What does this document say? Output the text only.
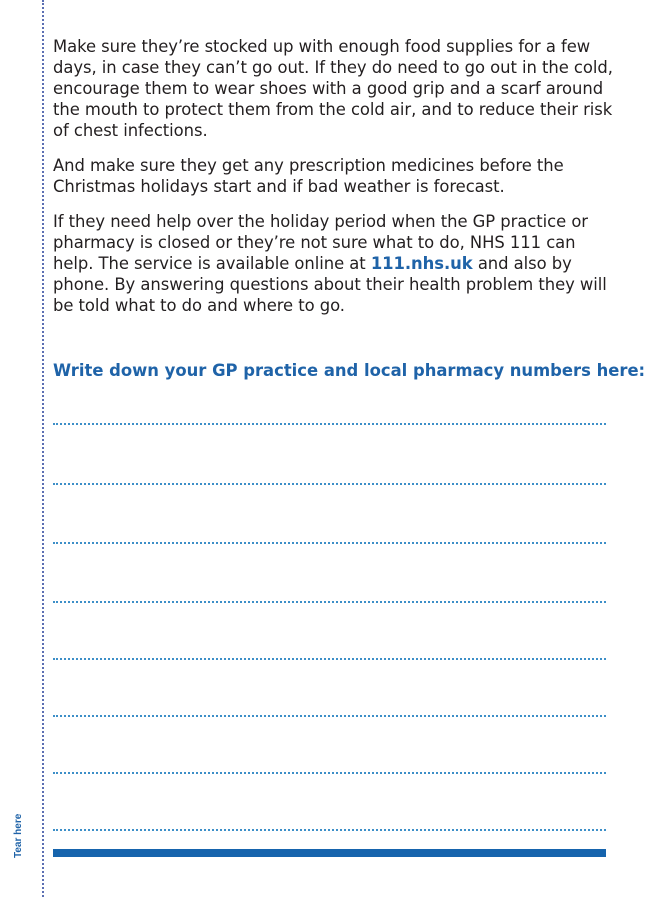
Tear here

Make sure they’re stocked up with enough food supplies for a few days, in case they can’t go out. If they do need to go out in the cold, encourage them to wear shoes with a good grip and a scarf around the mouth to protect them from the cold air, and to reduce their risk of chest infections.

And make sure they get any prescription medicines before the Christmas holidays start and if bad weather is forecast.

If they need help over the holiday period when the GP practice or pharmacy is closed or they’re not sure what to do, NHS 111 can help. The service is available online at 111.nhs.uk and also by phone. By answering questions about their health problem they will be told what to do and where to go.

Write down your GP practice and local pharmacy numbers here:
